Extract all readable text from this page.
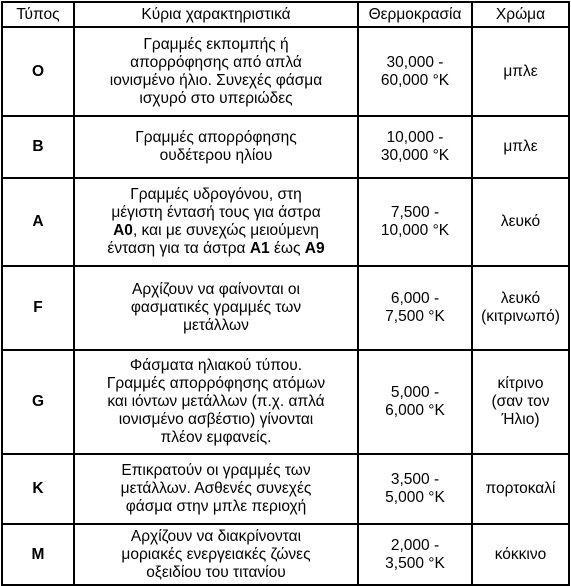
Τύπος	Κύρια χαρακτηριστικά	Θερμοκρασία	Χρώμα
O	Γραμμές εκπομπής ή
απορρόφησης από απλά
ιονισμένο ήλιο. Συνεχές φάσμα
ισχυρό στο υπεριώδες	30,000 -
60,000 °K	μπλε

B	Γραμμές απορρόφησης
ουδέτερου ηλίου	10,000 -
30,000 °K	μπλε

A	Γραμμές υδρογόνου, στη
μέγιστη έντασή τους για άστρα
A0, και με συνεχώς μειούμενη
ένταση για τα άστρα A1 έως A9	7,500 -
10,000 °K	λευκό

F	Αρχίζουν να φαίνονται οι
φασματικές γραμμές των
μετάλλων	6,000 -
7,500 °K	λευκό
(κιτρινωπό)

G	Φάσματα ηλιακού τύπου.
Γραμμές απορρόφησης ατόμων
και ιόντων μετάλλων (π.χ. απλά
ιονισμένο ασβέστιο) γίνονται
πλέον εμφανείς.	5,000 -
6,000 °K	κίτρινο
(σαν τον
Ήλιο)

K	Επικρατούν οι γραμμές των
μετάλλων. Ασθενές συνεχές
φάσμα στην μπλε περιοχή	3,500 -
5,000 °K	πορτοκαλί

M	Αρχίζουν να διακρίνονται
μοριακές ενεργειακές ζώνες
οξειδίου του τιτανίου	2,000 -
3,500 °K	κόκκινο
